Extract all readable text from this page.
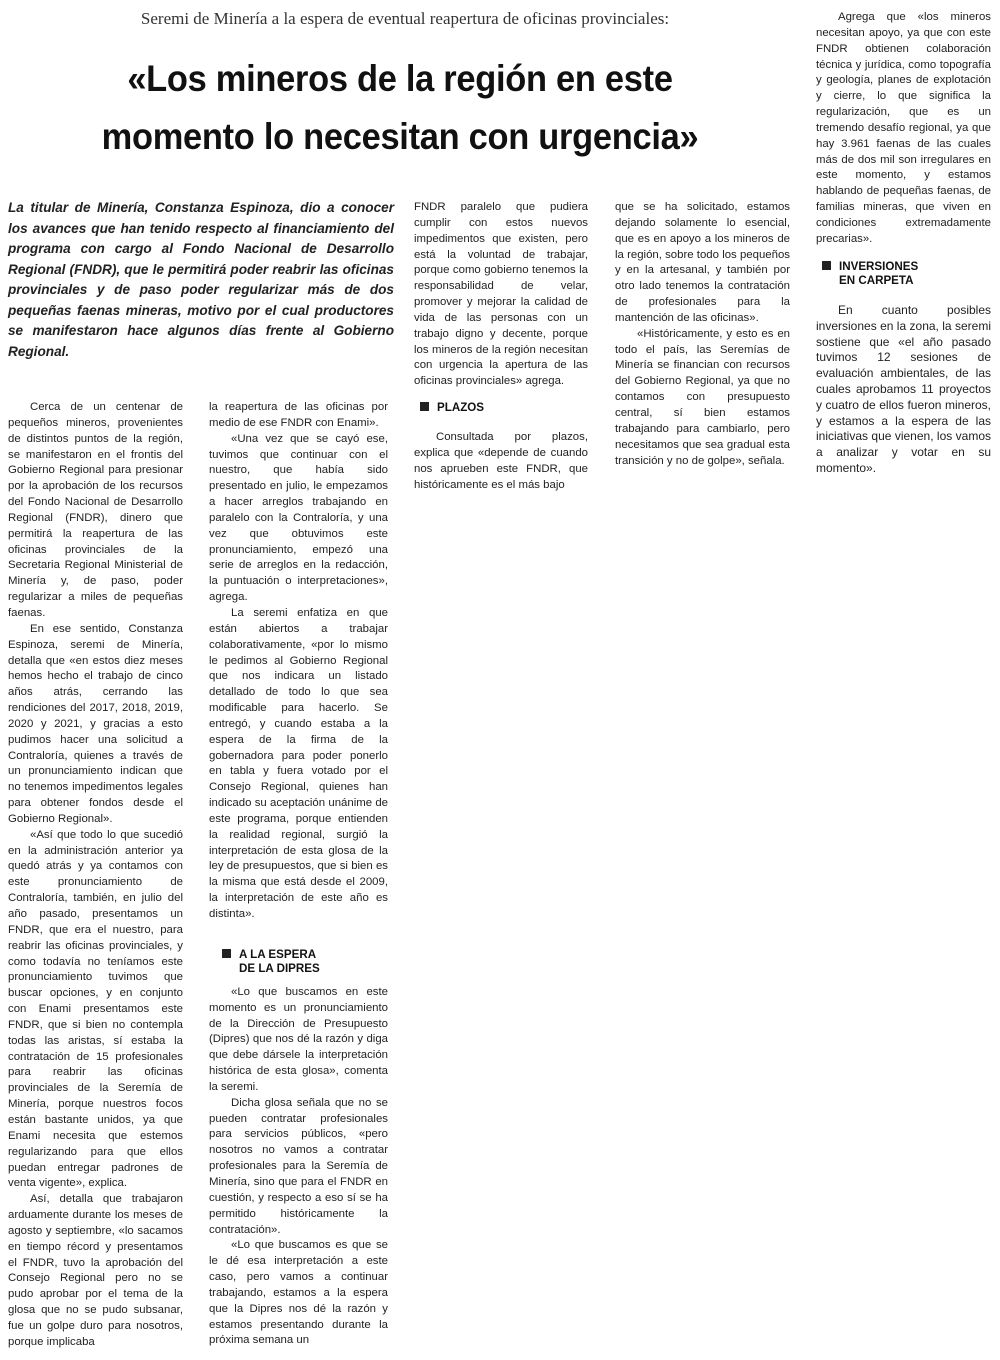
Seremi de Minería a la espera de eventual reapertura de oficinas provinciales:
«Los mineros de la región en este momento lo necesitan con urgencia»
La titular de Minería, Constanza Espinoza, dio a conocer los avances que han tenido respecto al financiamiento del programa con cargo al Fondo Nacional de Desarrollo Regional (FNDR), que le permitirá poder reabrir las oficinas provinciales y de paso poder regularizar más de dos pequeñas faenas mineras, motivo por el cual productores se manifestaron hace algunos días frente al Gobierno Regional.

Cerca de un centenar de pequeños mineros, provenientes de distintos puntos de la región, se manifestaron en el frontis del Gobierno Regional para presionar por la aprobación de los recursos del Fondo Nacional de Desarrollo Regional (FNDR), dinero que permitirá la reapertura de las oficinas provinciales de la Secretaria Regional Ministerial de Minería y, de paso, poder regularizar a miles de pequeñas faenas.

En ese sentido, Constanza Espinoza, seremi de Minería, detalla que «en estos diez meses hemos hecho el trabajo de cinco años atrás, cerrando las rendiciones del 2017, 2018, 2019, 2020 y 2021, y gracias a esto pudimos hacer una solicitud a Contraloría, quienes a través de un pronunciamiento indican que no tenemos impedimentos legales para obtener fondos desde el Gobierno Regional».

«Así que todo lo que sucedió en la administración anterior ya quedó atrás y ya contamos con este pronunciamiento de Contraloría, también, en julio del año pasado, presentamos un FNDR, que era el nuestro, para reabrir las oficinas provinciales, y como todavía no teníamos este pronunciamiento tuvimos que buscar opciones, y en conjunto con Enami presentamos este FNDR, que si bien no contempla todas las aristas, sí estaba la contratación de 15 profesionales para reabrir las oficinas provinciales de la Seremía de Minería, porque nuestros focos están bastante unidos, ya que Enami necesita que estemos regularizando para que ellos puedan entregar padrones de venta vigente», explica.

Así, detalla que trabajaron arduamente durante los meses de agosto y septiembre, «lo sacamos en tiempo récord y presentamos el FNDR, tuvo la aprobación del Consejo Regional pero no se pudo aprobar por el tema de la glosa que no se pudo subsanar, fue un golpe duro para nosotros, porque implicaba

la reapertura de las oficinas por medio de ese FNDR con Enami».

«Una vez que se cayó ese, tuvimos que continuar con el nuestro, que había sido presentado en julio, le empezamos a hacer arreglos trabajando en paralelo con la Contraloría, y una vez que obtuvimos este pronunciamiento, empezó una serie de arreglos en la redacción, la puntuación o interpretaciones», agrega.

La seremi enfatiza en que están abiertos a trabajar colaborativamente, «por lo mismo le pedimos al Gobierno Regional que nos indicara un listado detallado de todo lo que sea modificable para hacerlo. Se entregó, y cuando estaba a la espera de la firma de la gobernadora para poder ponerlo en tabla y fuera votado por el Consejo Regional, quienes han indicado su aceptación unánime de este programa, porque entienden la realidad regional, surgió la interpretación de esta glosa de la ley de presupuestos, que si bien es la misma que está desde el 2009, la interpretación de este año es distinta».

«Lo que buscamos en este momento es un pronunciamiento de la Dirección de Presupuesto (Dipres) que nos dé la razón y diga que debe dársele la interpretación histórica de esta glosa», comenta la seremi.

Dicha glosa señala que no se pueden contratar profesionales para servicios públicos, «pero nosotros no vamos a contratar profesionales para la Seremía de Minería, sino que para el FNDR en cuestión, y respecto a eso sí se ha permitido históricamente la contratación».

«Lo que buscamos es que se le dé esa interpretación a este caso, pero vamos a continuar trabajando, estamos a la espera que la Dipres nos dé la razón y estamos presentando durante la próxima semana un

A LA ESPERA
DE LA DIPRES

FNDR paralelo que pudiera cumplir con estos nuevos impedimentos que existen, pero está la voluntad de trabajar, porque como gobierno tenemos la responsabilidad de velar, promover y mejorar la calidad de vida de las personas con un trabajo digno y decente, porque los mineros de la región necesitan con urgencia la apertura de las oficinas provinciales» agrega.

Consultada por plazos, explica que «depende de cuando nos aprueben este FNDR, que históricamente es el más bajo

PLAZOS

que se ha solicitado, estamos dejando solamente lo esencial, que es en apoyo a los mineros de la región, sobre todo los pequeños y en la artesanal, y también por otro lado tenemos la contratación de profesionales para la mantención de las oficinas».

«Históricamente, y esto es en todo el país, las Seremías de Minería se financian con recursos del Gobierno Regional, ya que no contamos con presupuesto central, sí bien estamos trabajando para cambiarlo, pero necesitamos que sea gradual esta transición y no de golpe», señala.

Agrega que «los mineros necesitan apoyo, ya que con este FNDR obtienen colaboración técnica y jurídica, como topografía y geología, planes de explotación y cierre, lo que significa la regularización, que es un tremendo desafío regional, ya que hay 3.961 faenas de las cuales más de dos mil son irregulares en este momento, y estamos hablando de pequeñas faenas, de familias mineras, que viven en condiciones extremadamente precarias».

INVERSIONES
EN CARPETA

En cuanto posibles inversiones en la zona, la seremi sostiene que «el año pasado tuvimos 12 sesiones de evaluación ambientales, de las cuales aprobamos 11 proyectos y cuatro de ellos fueron mineros, y estamos a la espera de las iniciativas que vienen, los vamos a analizar y votar en su momento».
